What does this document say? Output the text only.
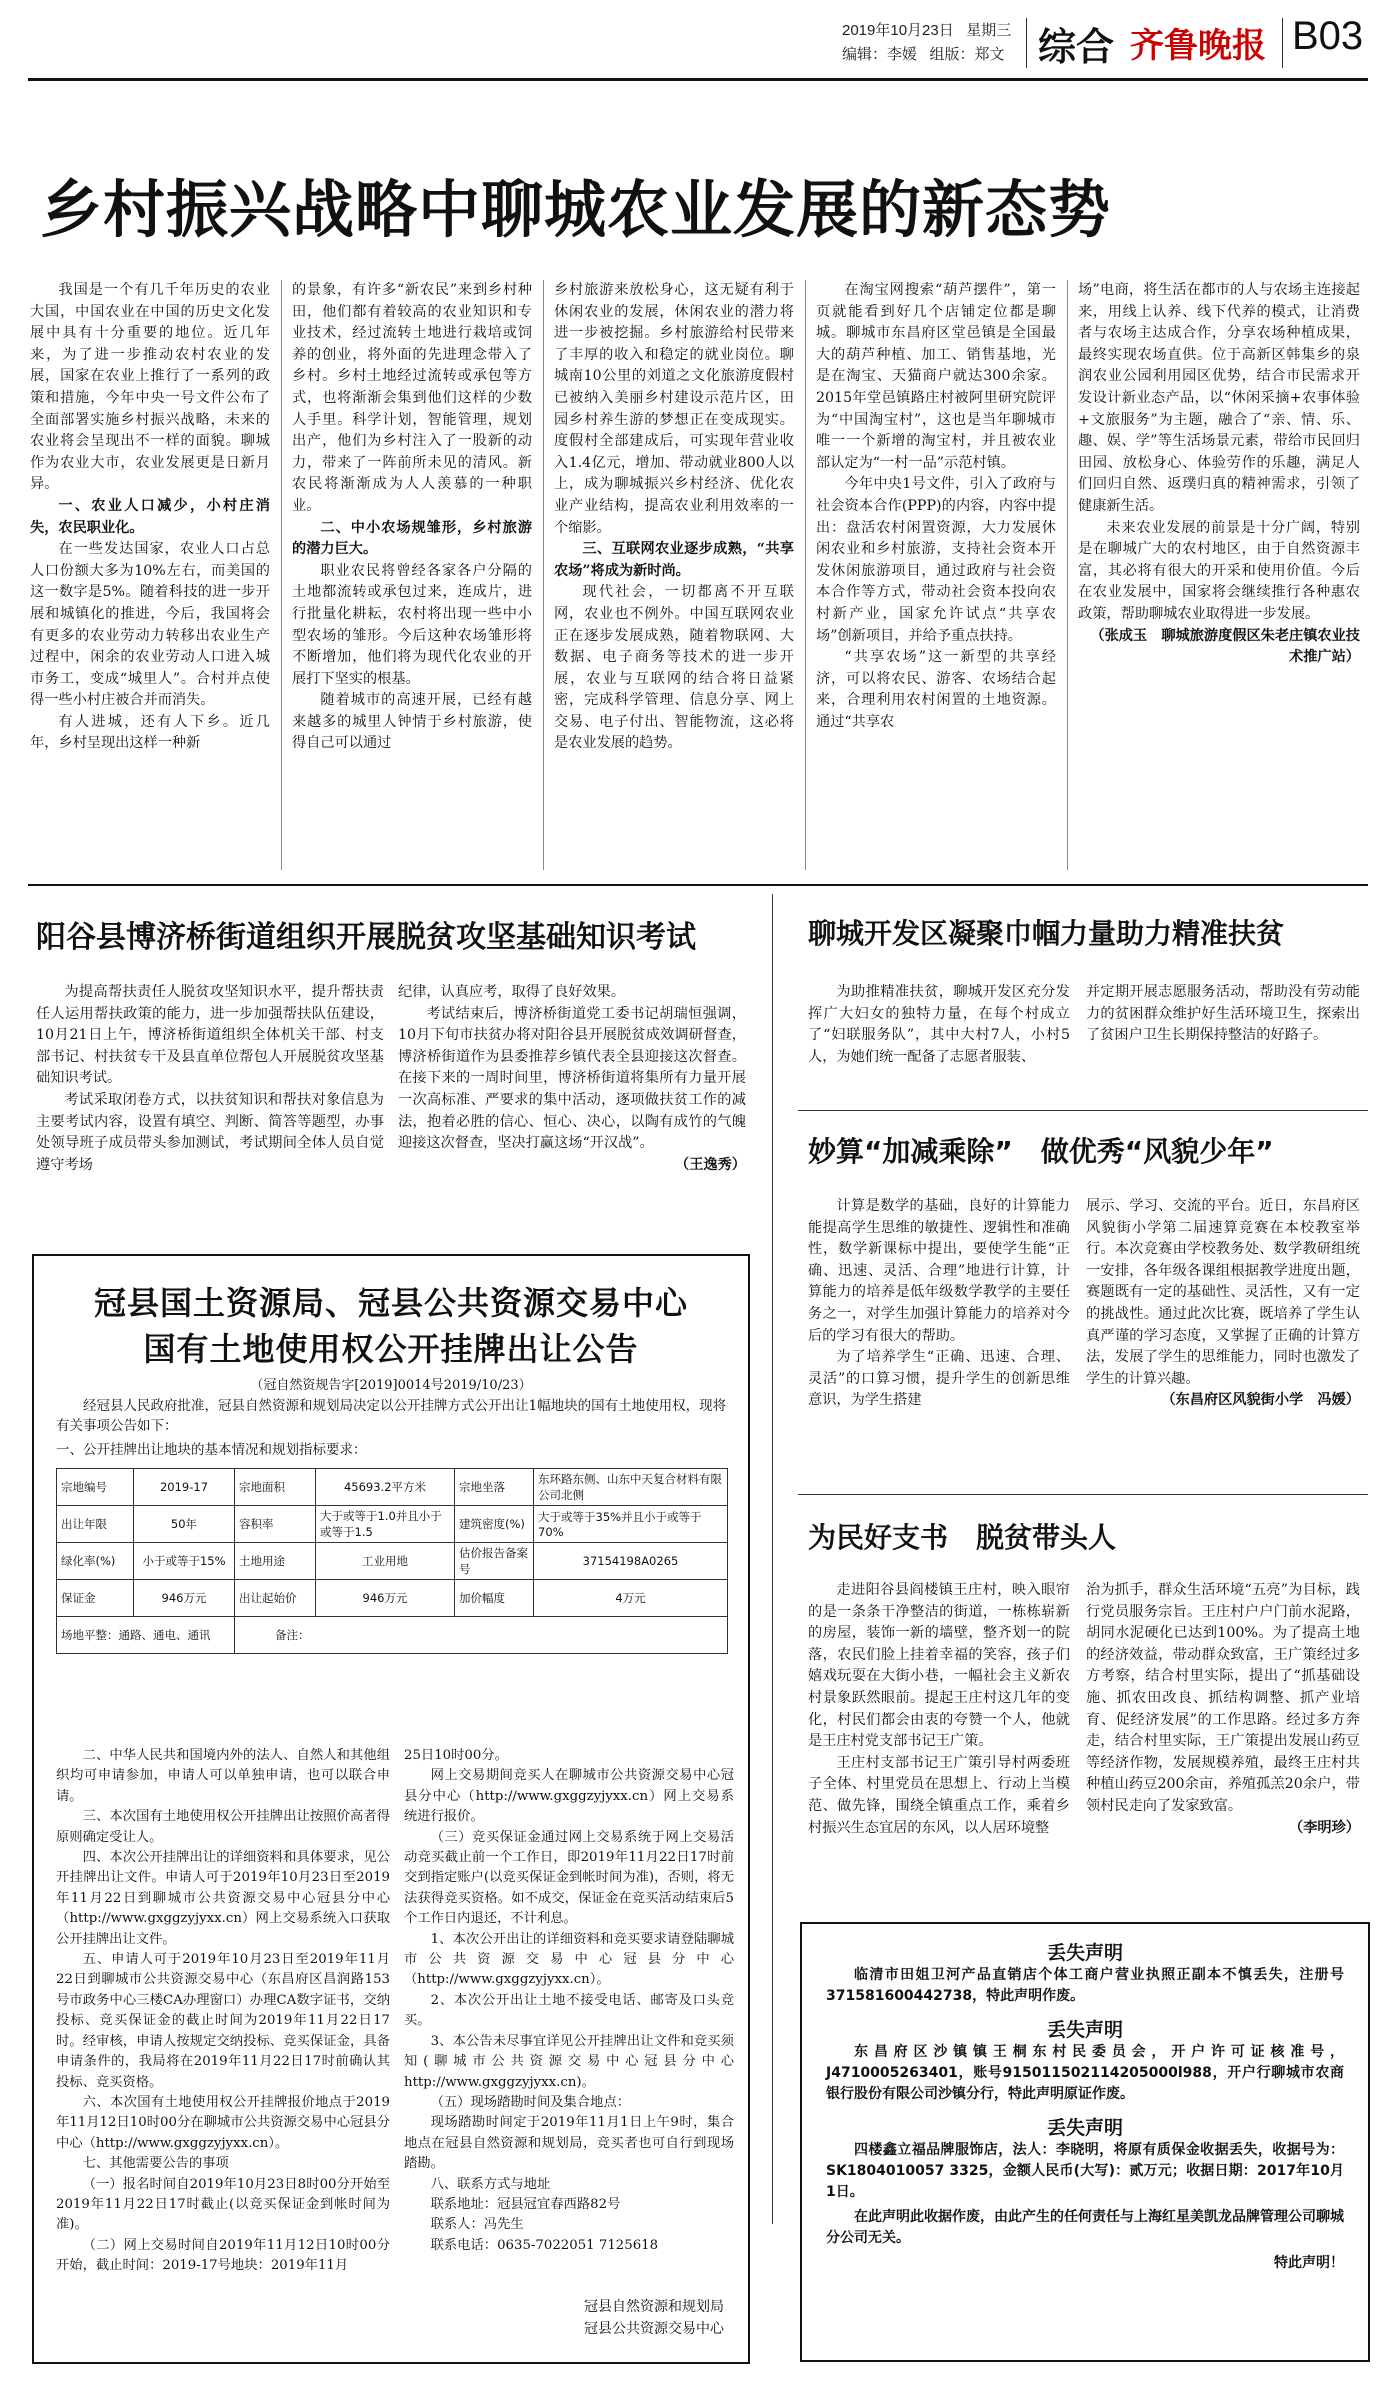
2019年10月23日 星期三
编辑：李媛 组版：郑文 综合 齐鲁晚报 B03
乡村振兴战略中聊城农业发展的新态势

我国是一个有几千年历史的农业大国，中国农业在中国的历史文化发展中具有十分重要的地位。近几年来，为了进一步推动农村农业的发展，国家在农业上推行了一系列的政策和措施，今年中央一号文件公布了全面部署实施乡村振兴战略，未来的农业将会呈现出不一样的面貌。聊城作为农业大市，农业发展更是日新月异。

一、农业人口减少，小村庄消失，农民职业化。

在一些发达国家，农业人口占总人口份额大多为10%左右，而美国的这一数字是5%。随着科技的进一步开展和城镇化的推进，今后，我国将会有更多的农业劳动力转移出农业生产过程中，闲余的农业劳动人口进入城市务工，变成“城里人”。合村并点使得一些小村庄被合并而消失。

有人进城，还有人下乡。近几年，乡村呈现出这样一种新

的景象，有许多“新农民”来到乡村种田，他们都有着较高的农业知识和专业技术，经过流转土地进行栽培或饲养的创业，将外面的先进理念带入了乡村。乡村土地经过流转或承包等方式，也将渐渐会集到他们这样的少数人手里。科学计划，智能管理，规划出产，他们为乡村注入了一股新的动力，带来了一阵前所未见的清风。新农民将渐渐成为人人羡慕的一种职业。

二、中小农场规雏形，乡村旅游的潜力巨大。

职业农民将曾经各家各户分隔的土地都流转或承包过来，连成片，进行批量化耕耘，农村将出现一些中小型农场的雏形。今后这种农场雏形将不断增加，他们将为现代化农业的开展打下坚实的根基。

随着城市的高速开展，已经有越来越多的城里人钟情于乡村旅游，使得自己可以通过

乡村旅游来放松身心，这无疑有利于休闲农业的发展，休闲农业的潜力将进一步被挖掘。乡村旅游给村民带来了丰厚的收入和稳定的就业岗位。聊城南10公里的刘道之文化旅游度假村已被纳入美丽乡村建设示范片区，田园乡村养生游的梦想正在变成现实。度假村全部建成后，可实现年营业收入1.4亿元，增加、带动就业800人以上，成为聊城振兴乡村经济、优化农业产业结构，提高农业利用效率的一个缩影。

三、互联网农业逐步成熟，“共享农场”将成为新时尚。

现代社会，一切都离不开互联网，农业也不例外。中国互联网农业正在逐步发展成熟，随着物联网、大数据、电子商务等技术的进一步开展，农业与互联网的结合将日益紧密，完成科学管理、信息分享、网上交易、电子付出、智能物流，这必将是农业发展的趋势。

在淘宝网搜索“葫芦摆件”，第一页就能看到好几个店铺定位都是聊城。聊城市东昌府区堂邑镇是全国最大的葫芦种植、加工、销售基地，光是在淘宝、天猫商户就达300余家。2015年堂邑镇路庄村被阿里研究院评为“中国淘宝村”，这也是当年聊城市唯一一个新增的淘宝村，并且被农业部认定为“一村一品”示范村镇。

今年中央1号文件，引入了政府与社会资本合作(PPP)的内容，内容中提出：盘活农村闲置资源，大力发展休闲农业和乡村旅游，支持社会资本开发休闲旅游项目，通过政府与社会资本合作等方式，带动社会资本投向农村新产业，国家允许试点“共享农场”创新项目，并给予重点扶持。

“共享农场”这一新型的共享经济，可以将农民、游客、农场结合起来，合理利用农村闲置的土地资源。通过“共享农

场”电商，将生活在都市的人与农场主连接起来，用线上认养、线下代养的模式，让消费者与农场主达成合作，分享农场种植成果，最终实现农场直供。位于高新区韩集乡的泉润农业公园利用园区优势，结合市民需求开发设计新业态产品，以“休闲采摘+农事体验+文旅服务”为主题，融合了“亲、情、乐、趣、娱、学”等生活场景元素，带给市民回归田园、放松身心、体验劳作的乐趣，满足人们回归自然、返璞归真的精神需求，引领了健康新生活。

未来农业发展的前景是十分广阔，特别是在聊城广大的农村地区，由于自然资源丰富，其必将有很大的开采和使用价值。今后在农业发展中，国家将会继续推行各种惠农政策，帮助聊城农业取得进一步发展。

（张成玉　聊城旅游度假区朱老庄镇农业技术推广站）

阳谷县博济桥街道组织开展脱贫攻坚基础知识考试

为提高帮扶责任人脱贫攻坚知识水平，提升帮扶责任人运用帮扶政策的能力，进一步加强帮扶队伍建设，10月21日上午，博济桥街道组织全体机关干部、村支部书记、村扶贫专干及县直单位帮包人开展脱贫攻坚基础知识考试。

考试采取闭卷方式，以扶贫知识和帮扶对象信息为主要考试内容，设置有填空、判断、简答等题型，办事处领导班子成员带头参加测试，考试期间全体人员自觉遵守考场

纪律，认真应考，取得了良好效果。

考试结束后，博济桥街道党工委书记胡瑞恒强调，10月下旬市扶贫办将对阳谷县开展脱贫成效调研督查，博济桥街道作为县委推荐乡镇代表全县迎接这次督查。在接下来的一周时间里，博济桥街道将集所有力量开展一次高标准、严要求的集中活动，逐项做扶贫工作的减法，抱着必胜的信心、恒心、决心，以陶有成竹的气魄迎接这次督查，坚决打赢这场“开汉战”。

（王逸秀）

冠县国土资源局、冠县公共资源交易中心
国有土地使用权公开挂牌出让公告
（冠自然资规告字[2019]0014号2019/10/23）
经冠县人民政府批准，冠县自然资源和规划局决定以公开挂牌方式公开出让1幅地块的国有土地使用权，现将有关事项公告如下：
一、公开挂牌出让地块的基本情况和规划指标要求：
宗地编号	2019-17	宗地面积	45693.2平方米	宗地坐落	东环路东侧、山东中天复合材料有限公司北侧
出让年限	50年	容积率	大于或等于1.0并且小于或等于1.5	建筑密度(%)	大于或等于35%并且小于或等于70%
绿化率(%)	小于或等于15%	土地用途	工业用地	估价报告备案号	37154198A0265
保证金	946万元	出让起始价	946万元	加价幅度	4万元
场地平整：通路、通电、通讯		备注：			

二、中华人民共和国境内外的法人、自然人和其他组织均可申请参加，申请人可以单独申请，也可以联合申请。

三、本次国有土地使用权公开挂牌出让按照价高者得原则确定受让人。

四、本次公开挂牌出让的详细资料和具体要求，见公开挂牌出让文件。申请人可于2019年10月23日至2019年11月22日到聊城市公共资源交易中心冠县分中心（http://www.gxggzyjyxx.cn）网上交易系统入口获取公开挂牌出让文件。

五、申请人可于2019年10月23日至2019年11月22日到聊城市公共资源交易中心（东昌府区昌润路153号市政务中心三楼CA办理窗口）办理CA数字证书，交纳投标、竞买保证金的截止时间为2019年11月22日17时。经审核，申请人按规定交纳投标、竞买保证金，具备申请条件的，我局将在2019年11月22日17时前确认其投标、竞买资格。

六、本次国有土地使用权公开挂牌报价地点于2019年11月12日10时00分在聊城市公共资源交易中心冠县分中心（http://www.gxggzyjyxx.cn）。

七、其他需要公告的事项

（一）报名时间自2019年10月23日8时00分开始至2019年11月22日17时截止(以竞买保证金到帐时间为准)。

（二）网上交易时间自2019年11月12日10时00分开始，截止时间：2019-17号地块：2019年11月

25日10时00分。

网上交易期间竞买人在聊城市公共资源交易中心冠县分中心（http://www.gxggzyjyxx.cn）网上交易系统进行报价。

（三）竞买保证金通过网上交易系统于网上交易活动竞买截止前一个工作日，即2019年11月22日17时前交到指定账户(以竞买保证金到帐时间为准)，否则，将无法获得竞买资格。如不成交，保证金在竞买活动结束后5个工作日内退还，不计利息。

1、本次公开出让的详细资料和竞买要求请登陆聊城市公共资源交易中心冠县分中心（http://www.gxggzyjyxx.cn）。

2、本次公开出让土地不接受电话、邮寄及口头竞买。

3、本公告未尽事宜详见公开挂牌出让文件和竞买须知(聊城市公共资源交易中心冠县分中心http://www.gxggzyjyxx.cn)。

（五）现场踏勘时间及集合地点：

现场踏勘时间定于2019年11月1日上午9时，集合地点在冠县自然资源和规划局，竞买者也可自行到现场踏勘。

八、联系方式与地址

联系地址：冠县冠宜春西路82号

联系人：冯先生

联系电话：0635-7022051 7125618

冠县自然资源和规划局
冠县公共资源交易中心
聊城开发区凝聚巾帼力量助力精准扶贫

为助推精准扶贫，聊城开发区充分发挥广大妇女的独特力量，在每个村成立了“妇联服务队”，其中大村7人，小村5人，为她们统一配备了志愿者服装、

并定期开展志愿服务活动，帮助没有劳动能力的贫困群众维护好生活环境卫生，探索出了贫困户卫生长期保持整洁的好路子。

妙算“加减乘除”　做优秀“风貌少年”

计算是数学的基础，良好的计算能力能提高学生思维的敏捷性、逻辑性和准确性，数学新课标中提出，要使学生能“正确、迅速、灵活、合理”地进行计算，计算能力的培养是低年级数学教学的主要任务之一，对学生加强计算能力的培养对今后的学习有很大的帮助。

为了培养学生“正确、迅速、合理、灵活”的口算习惯，提升学生的创新思维意识，为学生搭建

展示、学习、交流的平台。近日，东昌府区风貌街小学第二届速算竞赛在本校教室举行。本次竞赛由学校教务处、数学教研组统一安排，各年级各课组根据教学进度出题，赛题既有一定的基础性、灵活性，又有一定的挑战性。通过此次比赛，既培养了学生认真严谨的学习态度，又掌握了正确的计算方法，发展了学生的思维能力，同时也激发了学生的计算兴趣。

（东昌府区风貌街小学　冯媛）

为民好支书　脱贫带头人

走进阳谷县阎楼镇王庄村，映入眼帘的是一条条干净整洁的街道，一栋栋崭新的房屋，装饰一新的墙壁，整齐划一的院落，农民们脸上挂着幸福的笑容，孩子们嬉戏玩耍在大街小巷，一幅社会主义新农村景象跃然眼前。提起王庄村这几年的变化，村民们都会由衷的夸赞一个人，他就是王庄村党支部书记王广策。

王庄村支部书记王广策引导村两委班子全体、村里党员在思想上、行动上当模范、做先锋，围绕全镇重点工作，乘着乡村振兴生态宜居的东风，以人居环境整

治为抓手，群众生活环境“五亮”为目标，践行党员服务宗旨。王庄村户户门前水泥路，胡同水泥硬化已达到100%。为了提高土地的经济效益，带动群众致富，王广策经过多方考察，结合村里实际，提出了“抓基础设施、抓农田改良、抓结构调整、抓产业培育、促经济发展”的工作思路。经过多方奔走，结合村里实际，王广策提出发展山药豆等经济作物，发展规模养殖，最终王庄村共种植山药豆200余亩，养殖孤羔20余户，带领村民走向了发家致富。

（李明珍）

丢失声明

临清市田姐卫河产品直销店个体工商户营业执照正副本不慎丢失，注册号371581600442738，特此声明作废。

丢失声明

东昌府区沙镇镇王桐东村民委员会，开户许可证核准号，J4710005263401，账号915011502114205000l988，开户行聊城市农商银行股份有限公司沙镇分行，特此声明原证作废。

丢失声明

四楼鑫立福品牌服饰店，法人：李晓明，将原有质保金收据丢失，收据号为：SK1804010057 3325，金额人民币(大写)：贰万元；收据日期：2017年10月1日。

在此声明此收据作废，由此产生的任何责任与上海红星美凯龙品牌管理公司聊城分公司无关。

特此声明！
